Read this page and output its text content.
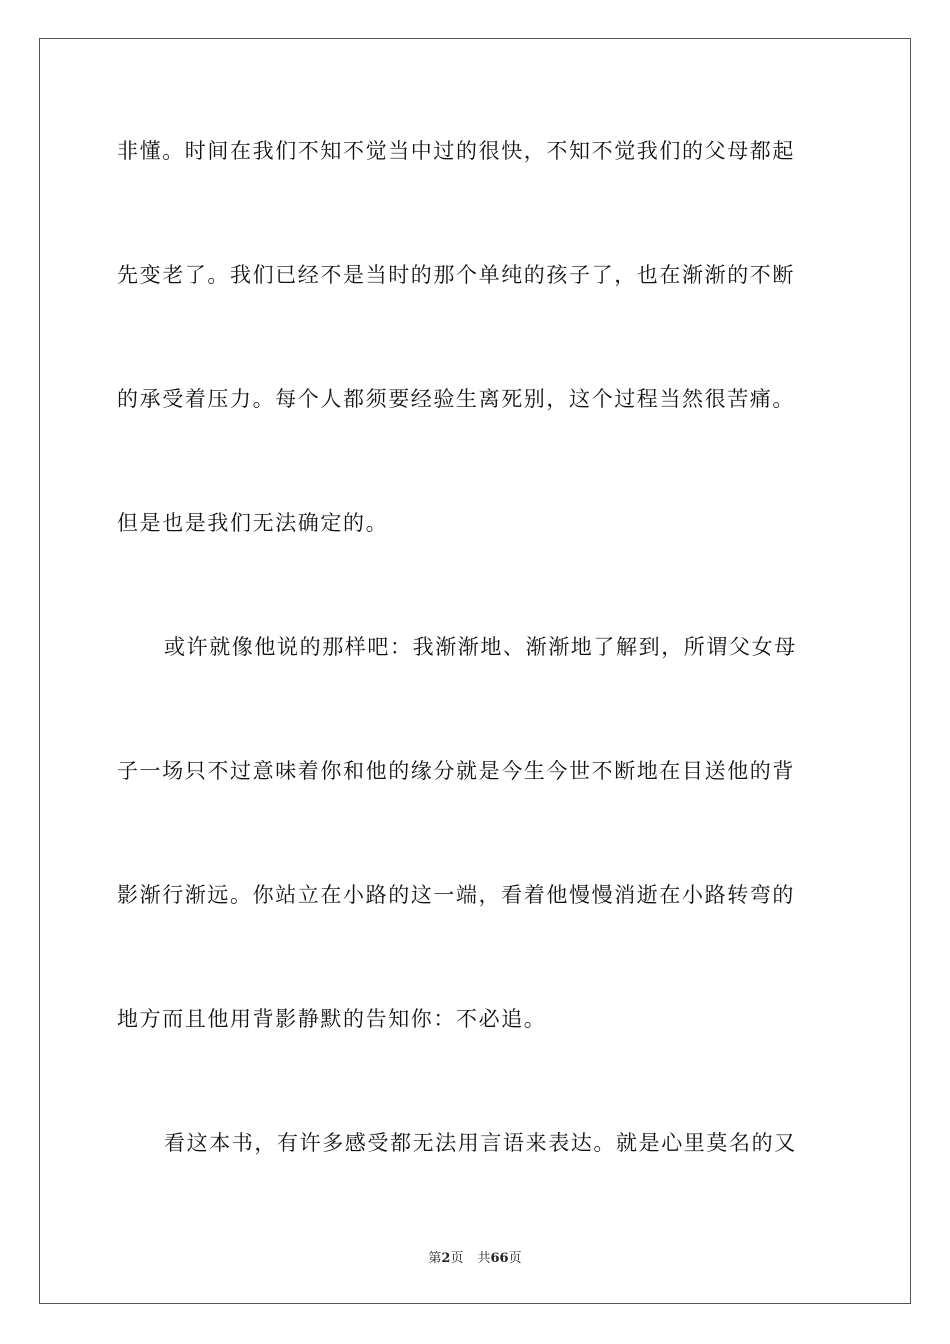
非懂。时间在我们不知不觉当中过的很快，不知不觉我们的父母都起
先变老了。我们已经不是当时的那个单纯的孩子了，也在渐渐的不断
的承受着压力。每个人都须要经验生离死别，这个过程当然很苦痛。
但是也是我们无法确定的。
或许就像他说的那样吧：我渐渐地、渐渐地了解到，所谓父女母
子一场只不过意味着你和他的缘分就是今生今世不断地在目送他的背
影渐行渐远。你站立在小路的这一端，看着他慢慢消逝在小路转弯的
地方而且他用背影静默的告知你：不必追。
看这本书，有许多感受都无法用言语来表达。就是心里莫名的又
第2页 共66页
